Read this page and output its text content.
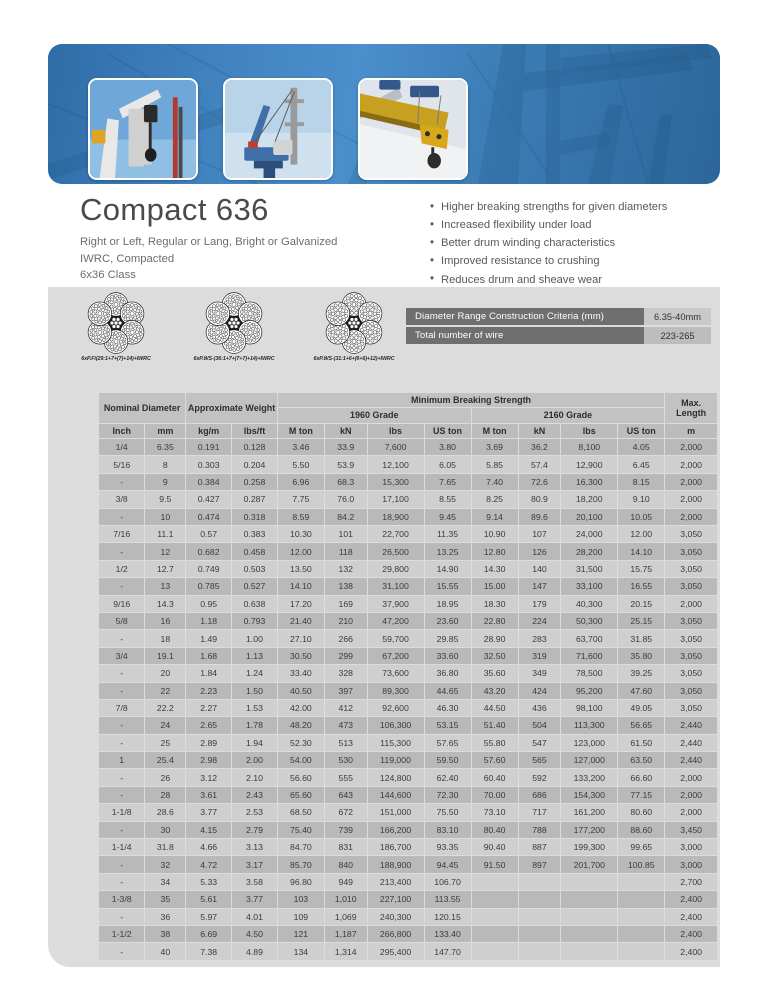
Compact 636
Right or Left, Regular or Lang, Bright or Galvanized
IWRC, Compacted
6x36 Class
• Higher breaking strengths for given diameters
• Increased flexibility under load
• Better drum winding characteristics
• Improved resistance to crushing
• Reduces drum and sheave wear
6xP.Fi(29:1+7+(7)+14)+IWRC	6xP.WS-(36:1+7+(7+7)+14)+IWRC	6xP.WS-(31:1+6+(6+6)+12)+IWRC
Diameter Range Construction Criteria (mm)	6.35-40mm
Total number of wire	223-265
Nominal Diameter		Approximate Weight		Minimum Breaking Strength								Max. Length
				1960 Grade				2160 Grade				
Inch	mm	kg/m	lbs/ft	M ton	kN	lbs	US ton	M ton	kN	lbs	US ton	m
1/4	6.35	0.191	0.128	3.46	33.9	7,600	3.80	3.69	36.2	8,100	4.05	2,000
5/16	8	0.303	0.204	5.50	53.9	12,100	6.05	5.85	57.4	12,900	6.45	2,000
-	9	0.384	0.258	6.96	68.3	15,300	7.65	7.40	72.6	16,300	8.15	2,000
3/8	9.5	0.427	0.287	7.75	76.0	17,100	8.55	8.25	80.9	18,200	9.10	2,000
-	10	0.474	0.318	8.59	84.2	18,900	9.45	9.14	89.6	20,100	10.05	2,000
7/16	11.1	0.57	0.383	10.30	101	22,700	11.35	10.90	107	24,000	12.00	3,050
-	12	0.682	0.458	12.00	118	26,500	13.25	12.80	126	28,200	14.10	3,050
1/2	12.7	0.749	0.503	13.50	132	29,800	14.90	14.30	140	31,500	15.75	3,050
-	13	0.785	0.527	14.10	138	31,100	15.55	15.00	147	33,100	16.55	3,050
9/16	14.3	0.95	0.638	17.20	169	37,900	18.95	18.30	179	40,300	20.15	2,000
5/8	16	1.18	0.793	21.40	210	47,200	23.60	22.80	224	50,300	25.15	3,050
-	18	1.49	1.00	27.10	266	59,700	29.85	28.90	283	63,700	31.85	3,050
3/4	19.1	1.68	1.13	30.50	299	67,200	33.60	32.50	319	71,600	35.80	3,050
-	20	1.84	1.24	33.40	328	73,600	36.80	35.60	349	78,500	39.25	3,050
-	22	2.23	1.50	40.50	397	89,300	44.65	43.20	424	95,200	47.60	3,050
7/8	22.2	2.27	1.53	42.00	412	92,600	46.30	44.50	436	98,100	49.05	3,050
-	24	2.65	1.78	48.20	473	106,300	53.15	51.40	504	113,300	56.65	2,440
-	25	2.89	1.94	52.30	513	115,300	57.65	55.80	547	123,000	61.50	2,440
1	25.4	2.98	2.00	54.00	530	119,000	59.50	57.60	565	127,000	63.50	2,440
-	26	3.12	2.10	56.60	555	124,800	62.40	60.40	592	133,200	66.60	2,000
-	28	3.61	2.43	65.60	643	144,600	72.30	70.00	686	154,300	77.15	2,000
1-1/8	28.6	3.77	2.53	68.50	672	151,000	75.50	73.10	717	161,200	80.60	2,000
-	30	4.15	2.79	75.40	739	166,200	83.10	80.40	788	177,200	88.60	3,450
1-1/4	31.8	4.66	3.13	84.70	831	186,700	93.35	90.40	887	199,300	99.65	3,000
-	32	4.72	3.17	85.70	840	188,900	94.45	91.50	897	201,700	100.85	3,000
-	34	5.33	3.58	96.80	949	213,400	106.70					2,700
1-3/8	35	5.61	3.77	103	1,010	227,100	113.55					2,400
-	36	5.97	4.01	109	1,069	240,300	120.15					2,400
1-1/2	38	6.69	4.50	121	1,187	266,800	133.40					2,400
-	40	7.38	4.89	134	1,314	295,400	147.70					2,400
